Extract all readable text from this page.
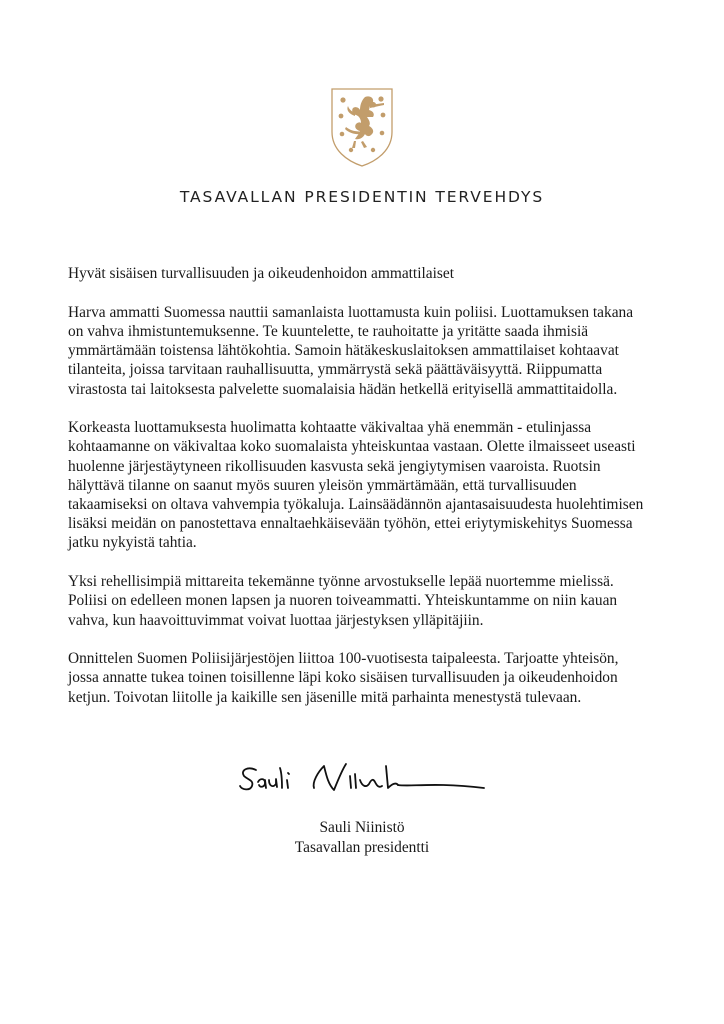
TASAVALLAN PRESIDENTIN TERVEHDYS

Hyvät sisäisen turvallisuuden ja oikeudenhoidon ammattilaiset

Harva ammatti Suomessa nauttii samanlaista luottamusta kuin poliisi. Luottamuksen takana on vahva ihmistuntemuksenne. Te kuuntelette, te rauhoitatte ja yritätte saada ihmisiä ymmärtämään toistensa lähtökohtia. Samoin hätäkeskuslaitoksen ammattilaiset kohtaavat tilanteita, joissa tarvitaan rauhallisuutta, ymmärrystä sekä päättäväisyyttä. Riippumatta virastosta tai laitoksesta palvelette suomalaisia hädän hetkellä erityisellä ammattitaidolla.

Korkeasta luottamuksesta huolimatta kohtaatte väkivaltaa yhä enemmän - etulinjassa kohtaamanne on väkivaltaa koko suomalaista yhteiskuntaa vastaan. Olette ilmaisseet useasti huolenne järjestäytyneen rikollisuuden kasvusta sekä jengiytymisen vaaroista. Ruotsin hälyttävä tilanne on saanut myös suuren yleisön ymmärtämään, että turvallisuuden takaamiseksi on oltava vahvempia työkaluja. Lainsäädännön ajantasaisuudesta huolehtimisen lisäksi meidän on panostettava ennaltaehkäisevään työhön, ettei eriytymiskehitys Suomessa jatku nykyistä tahtia.

Yksi rehellisimpiä mittareita tekemänne työnne arvostukselle lepää nuortemme mielissä. Poliisi on edelleen monen lapsen ja nuoren toiveammatti. Yhteiskuntamme on niin kauan vahva, kun haavoittuvimmat voivat luottaa järjestyksen ylläpitäjiin.

Onnittelen Suomen Poliisijärjestöjen liittoa 100-vuotisesta taipaleesta. Tarjoatte yhteisön, jossa annatte tukea toinen toisillenne läpi koko sisäisen turvallisuuden ja oikeudenhoidon ketjun. Toivotan liitolle ja kaikille sen jäsenille mitä parhainta menestystä tulevaan.

Sauli Niinistö
Tasavallan presidentti
